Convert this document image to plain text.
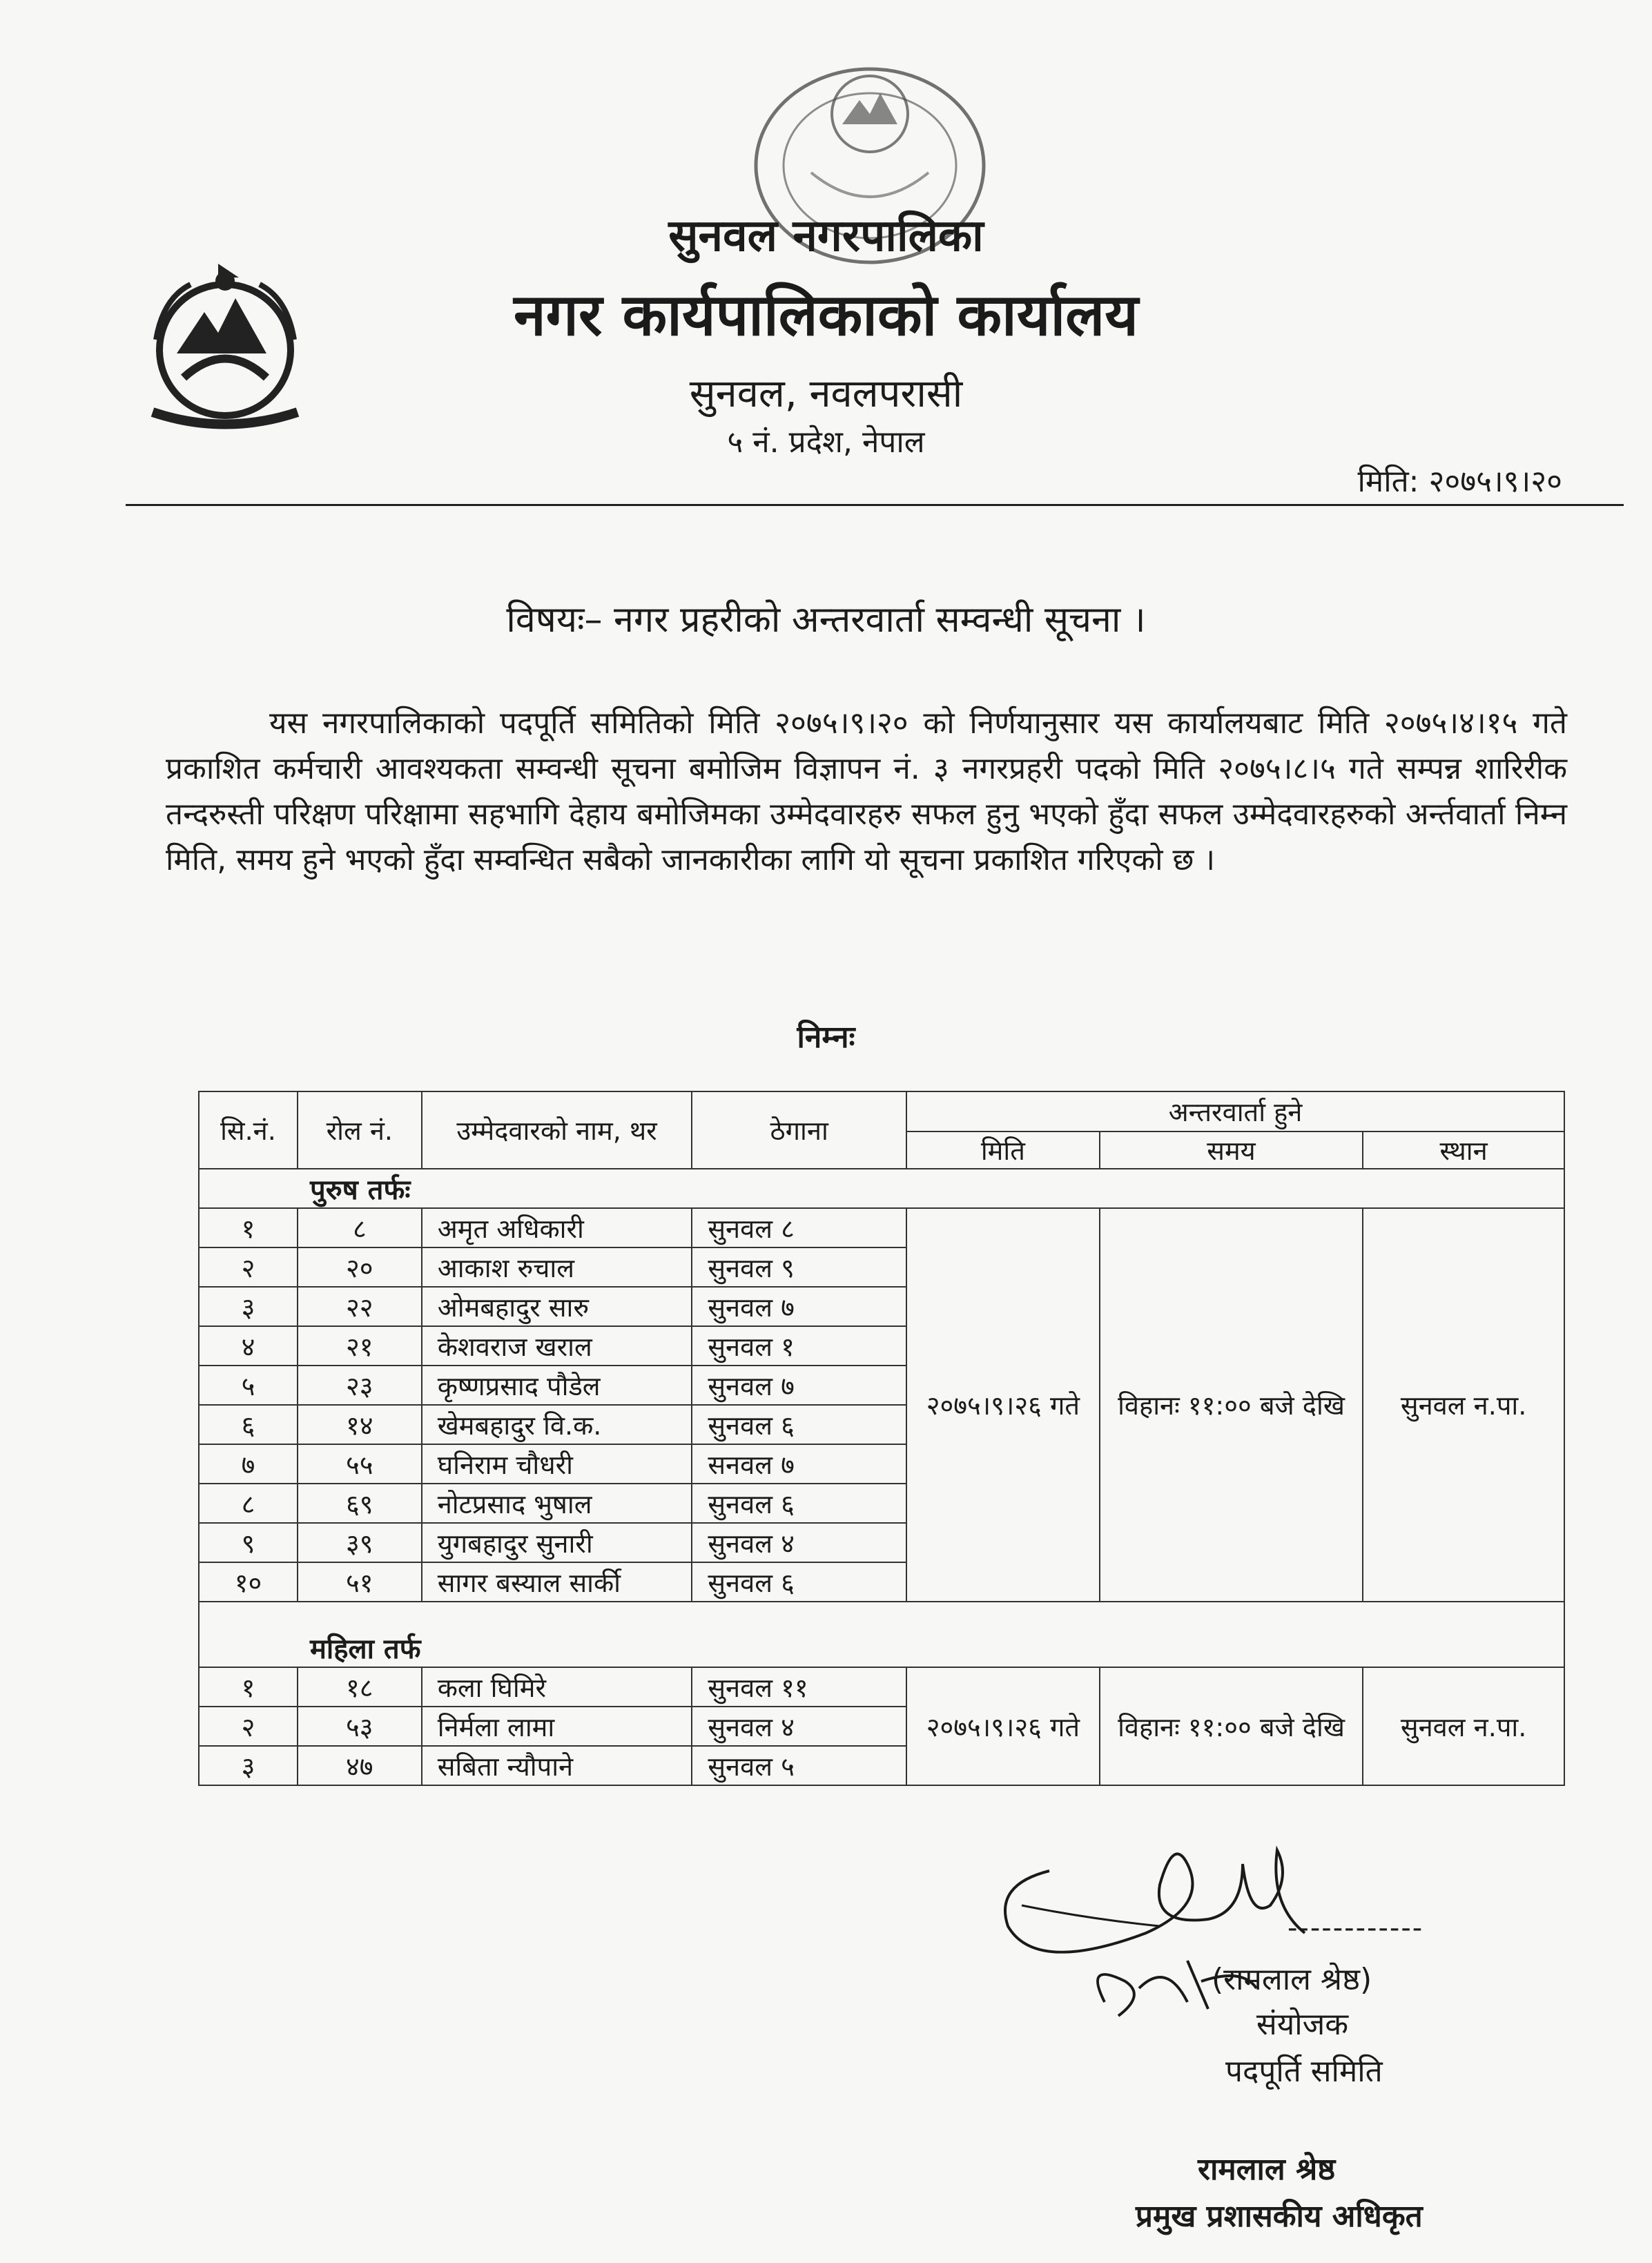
सुनवल नगरपालिका
नगर कार्यपालिकाको कार्यालय
सुनवल, नवलपरासी
५ नं. प्रदेश, नेपाल
मिति: २०७५।९।२०
विषयः– नगर प्रहरीको अन्तरवार्ता सम्वन्धी सूचना ।
यस नगरपालिकाको पदपूर्ति समितिको मिति २०७५।९।२० को निर्णयानुसार यस कार्यालयबाट मिति २०७५।४।१५ गते प्रकाशित कर्मचारी आवश्यकता सम्वन्धी सूचना बमोजिम विज्ञापन नं. ३ नगरप्रहरी पदको मिति २०७५।८।५ गते सम्पन्न शारिरीक तन्दरुस्ती परिक्षण परिक्षामा सहभागि देहाय बमोजिमका उम्मेदवारहरु सफल हुनु भएको हुँदा सफल उम्मेदवारहरुको अर्न्तवार्ता निम्न मिति, समय हुने भएको हुँदा सम्वन्धित सबैको जानकारीका लागि यो सूचना प्रकाशित गरिएको छ ।
निम्नः
सि.नं.	रोल नं.	उम्मेदवारको नाम, थर	ठेगाना	अन्तरवार्ता हुने		
				मिति	समय	स्थान
पुरुष तर्फः						
१	८	अमृत अधिकारी	सुनवल ८	२०७५।९।२६ गते	विहानः ११:०० बजे देखि	सुनवल न.पा.
२	२०	आकाश रुचाल	सुनवल ९			
३	२२	ओमबहादुर सारु	सुनवल ७			
४	२१	केशवराज खराल	सुनवल १			
५	२३	कृष्णप्रसाद पौडेल	सुनवल ७			
६	१४	खेमबहादुर वि.क.	सुनवल ६			
७	५५	घनिराम चौधरी	सनवल ७			
८	६९	नोटप्रसाद भुषाल	सुनवल ६			
९	३९	युगबहादुर सुनारी	सुनवल ४			
१०	५१	सागर बस्याल सार्की	सुनवल ६			

महिला तर्फ						
१	१८	कला घिमिरे	सुनवल ११	२०७५।९।२६ गते	विहानः ११:०० बजे देखि	सुनवल न.पा.
२	५३	निर्मला लामा	सुनवल ४			
३	४७	सबिता न्यौपाने	सुनवल ५			
------------
(रामलाल श्रेष्ठ)
संयोजक
पदपूर्ति समिति
रामलाल श्रेष्ठ
प्रमुख प्रशासकीय अधिकृत
